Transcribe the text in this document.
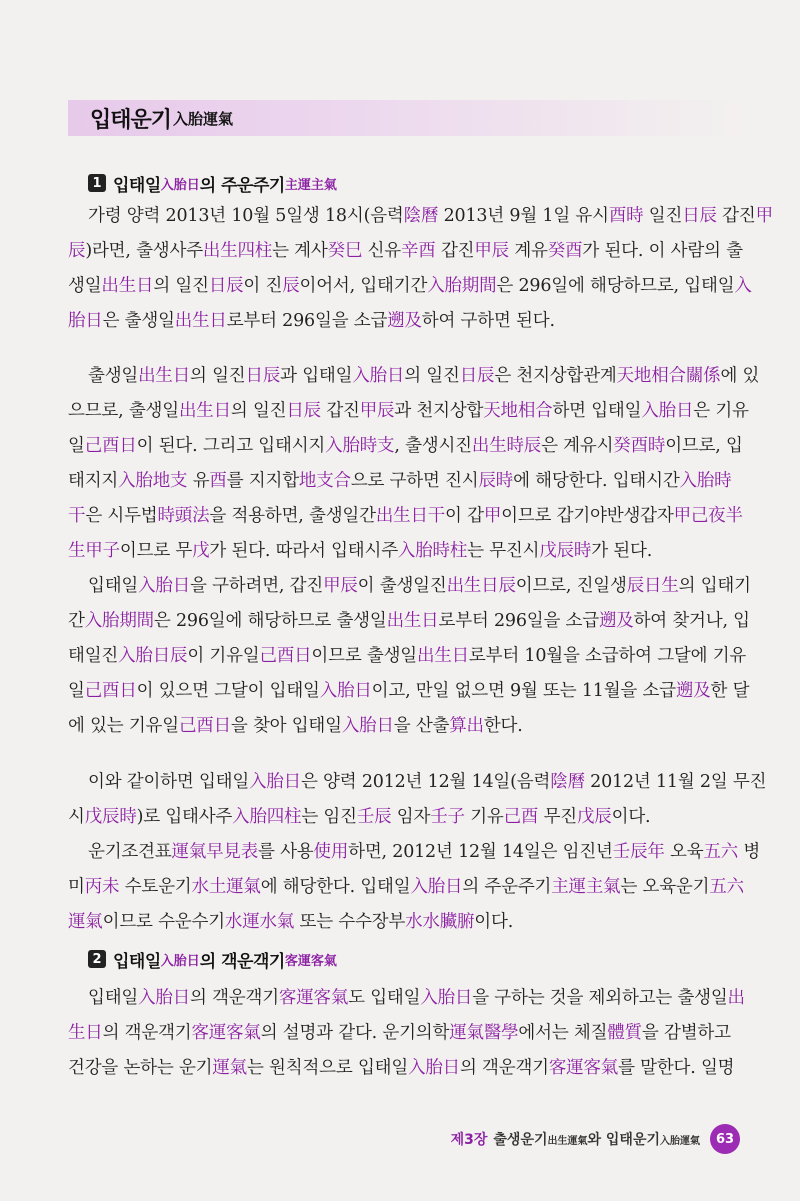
입태운기 入胎運氣
1 입태일 入胎日 의 주운주기 主運主氣
2 입태일 入胎日 의 객운객기 客運客氣
가령 양력 2013년 10월 5일생 18시(음력陰曆 2013년 9월 1일 유시酉時 일진日辰 갑진甲
辰)라면, 출생사주出生四柱는 계사癸巳 신유辛酉 갑진甲辰 계유癸酉가 된다. 이 사람의 출
생일出生日의 일진日辰이 진辰이어서, 입태기간入胎期間은 296일에 해당하므로, 입태일入
胎日은 출생일出生日로부터 296일을 소급遡及하여 구하면 된다.
출생일出生日의 일진日辰과 입태일入胎日의 일진日辰은 천지상합관계天地相合關係에 있
으므로, 출생일出生日의 일진日辰 갑진甲辰과 천지상합天地相合하면 입태일入胎日은 기유
일己酉日이 된다. 그리고 입태시지入胎時支, 출생시진出生時辰은 계유시癸酉時이므로, 입
태지지入胎地支 유酉를 지지합地支合으로 구하면 진시辰時에 해당한다. 입태시간入胎時
干은 시두법時頭法을 적용하면, 출생일간出生日干이 갑甲이므로 갑기야반생갑자甲己夜半
生甲子이므로 무戊가 된다. 따라서 입태시주入胎時柱는 무진시戊辰時가 된다.
입태일入胎日을 구하려면, 갑진甲辰이 출생일진出生日辰이므로, 진일생辰日生의 입태기
간入胎期間은 296일에 해당하므로 출생일出生日로부터 296일을 소급遡及하여 찾거나, 입
태일진入胎日辰이 기유일己酉日이므로 출생일出生日로부터 10월을 소급하여 그달에 기유
일己酉日이 있으면 그달이 입태일入胎日이고, 만일 없으면 9월 또는 11월을 소급遡及한 달
에 있는 기유일己酉日을 찾아 입태일入胎日을 산출算出한다.
이와 같이하면 입태일入胎日은 양력 2012년 12월 14일(음력陰曆 2012년 11월 2일 무진
시戊辰時)로 입태사주入胎四柱는 임진壬辰 임자壬子 기유己酉 무진戊辰이다.
운기조견표運氣早見表를 사용使用하면, 2012년 12월 14일은 임진년壬辰年 오육五六 병
미丙未 수토운기水土運氣에 해당한다. 입태일入胎日의 주운주기主運主氣는 오육운기五六
運氣이므로 수운수기水運水氣 또는 수수장부水水臟腑이다.
입태일入胎日의 객운객기客運客氣도 입태일入胎日을 구하는 것을 제외하고는 출생일出
生日의 객운객기客運客氣의 설명과 같다. 운기의학運氣醫學에서는 체질體質을 감별하고
건강을 논하는 운기運氣는 원칙적으로 입태일入胎日의 객운객기客運客氣를 말한다. 일명
제3장 출생운기 出生運氣 와 입태운기 入胎運氣	63
